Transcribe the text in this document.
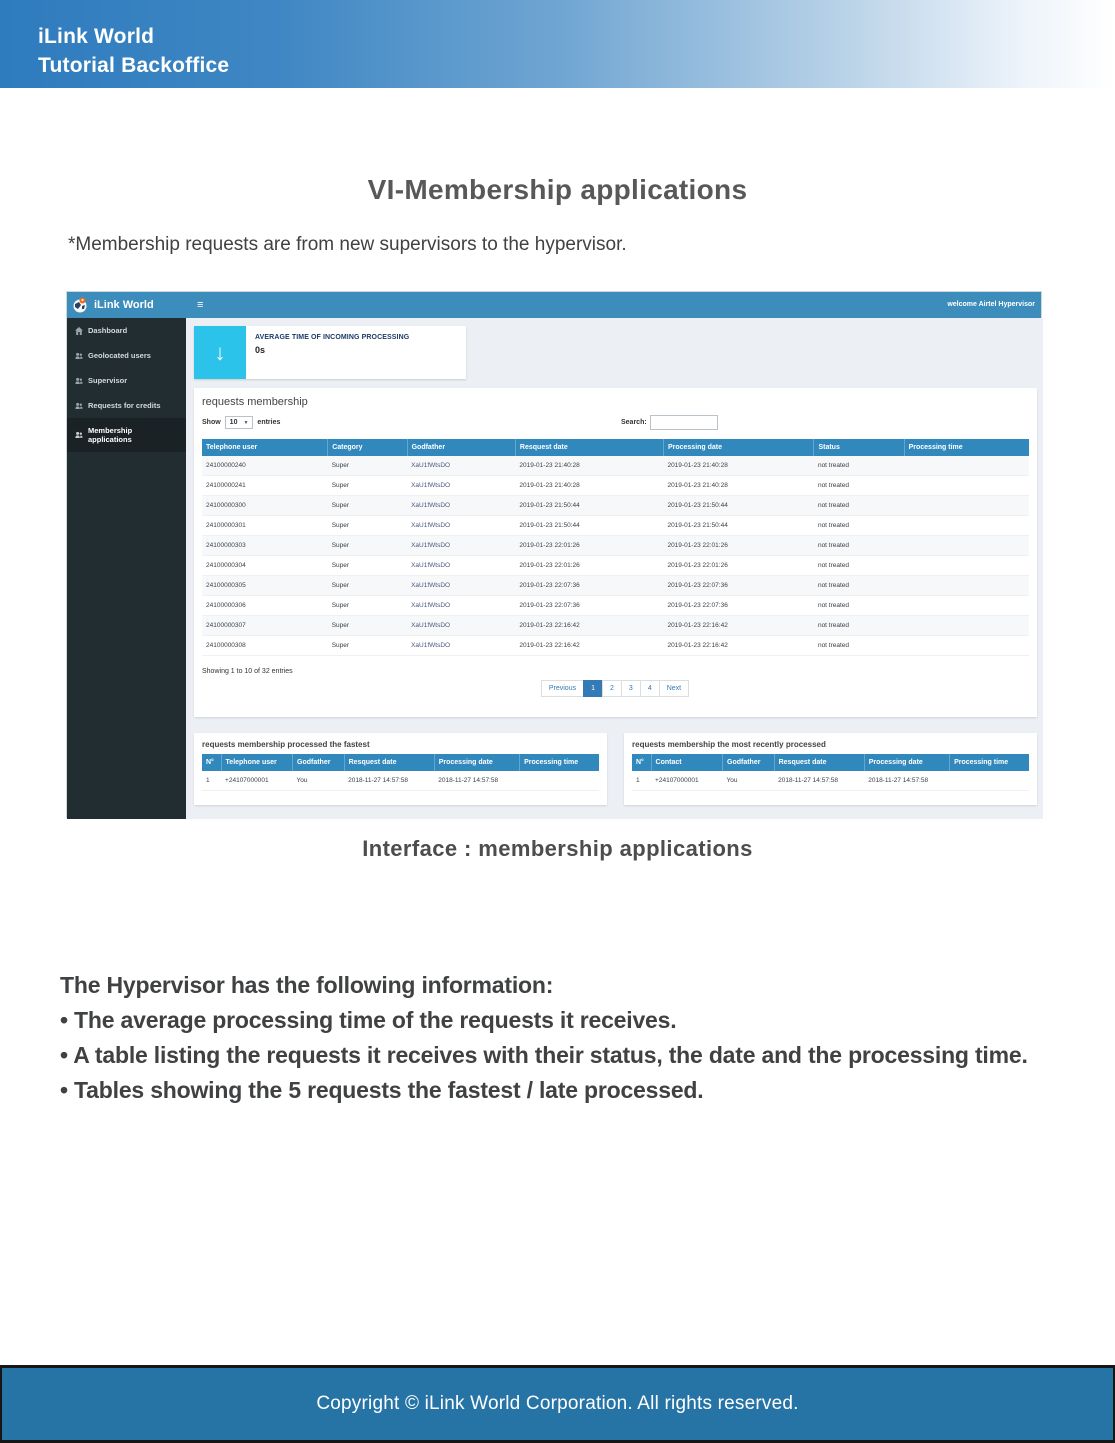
iLink World
Tutorial Backoffice
VI-Membership applications
*Membership requests are from new supervisors to the hypervisor.
iLink World	≡	welcome Airtel Hypervisor
Dashboard
Geolocated users
Supervisor
Requests for credits
Membership applications
↓
AVERAGE TIME OF INCOMING PROCESSING
0s
requests membership
Show 10 ▼ entries	Search:
Telephone user	Category	Godfather	Resquest date	Processing date	Status	Processing time
24100000240	Super	XaU1fWtsDO	2019-01-23 21:40:28	2019-01-23 21:40:28	not treated	
24100000241	Super	XaU1fWtsDO	2019-01-23 21:40:28	2019-01-23 21:40:28	not treated	
24100000300	Super	XaU1fWtsDO	2019-01-23 21:50:44	2019-01-23 21:50:44	not treated	
24100000301	Super	XaU1fWtsDO	2019-01-23 21:50:44	2019-01-23 21:50:44	not treated	
24100000303	Super	XaU1fWtsDO	2019-01-23 22:01:26	2019-01-23 22:01:26	not treated	
24100000304	Super	XaU1fWtsDO	2019-01-23 22:01:26	2019-01-23 22:01:26	not treated	
24100000305	Super	XaU1fWtsDO	2019-01-23 22:07:36	2019-01-23 22:07:36	not treated	
24100000306	Super	XaU1fWtsDO	2019-01-23 22:07:36	2019-01-23 22:07:36	not treated	
24100000307	Super	XaU1fWtsDO	2019-01-23 22:16:42	2019-01-23 22:16:42	not treated	
24100000308	Super	XaU1fWtsDO	2019-01-23 22:16:42	2019-01-23 22:16:42	not treated	
Showing 1 to 10 of 32 entries
Previous	1	2	3	4	Next
requests membership processed the fastest
N°	Telephone user	Godfather	Resquest date	Processing date	Processing time
1	+24107000001	You	2018-11-27 14:57:58	2018-11-27 14:57:58	
requests membership the most recently processed
N°	Contact	Godfather	Resquest date	Processing date	Processing time
1	+24107000001	You	2018-11-27 14:57:58	2018-11-27 14:57:58	
Interface : membership applications
The Hypervisor has the following information:
• The average processing time of the requests it receives.
• A table listing the requests it receives with their status, the date and the processing time.
• Tables showing the 5 requests the fastest / late processed.
Copyright © iLink World Corporation. All rights reserved.
